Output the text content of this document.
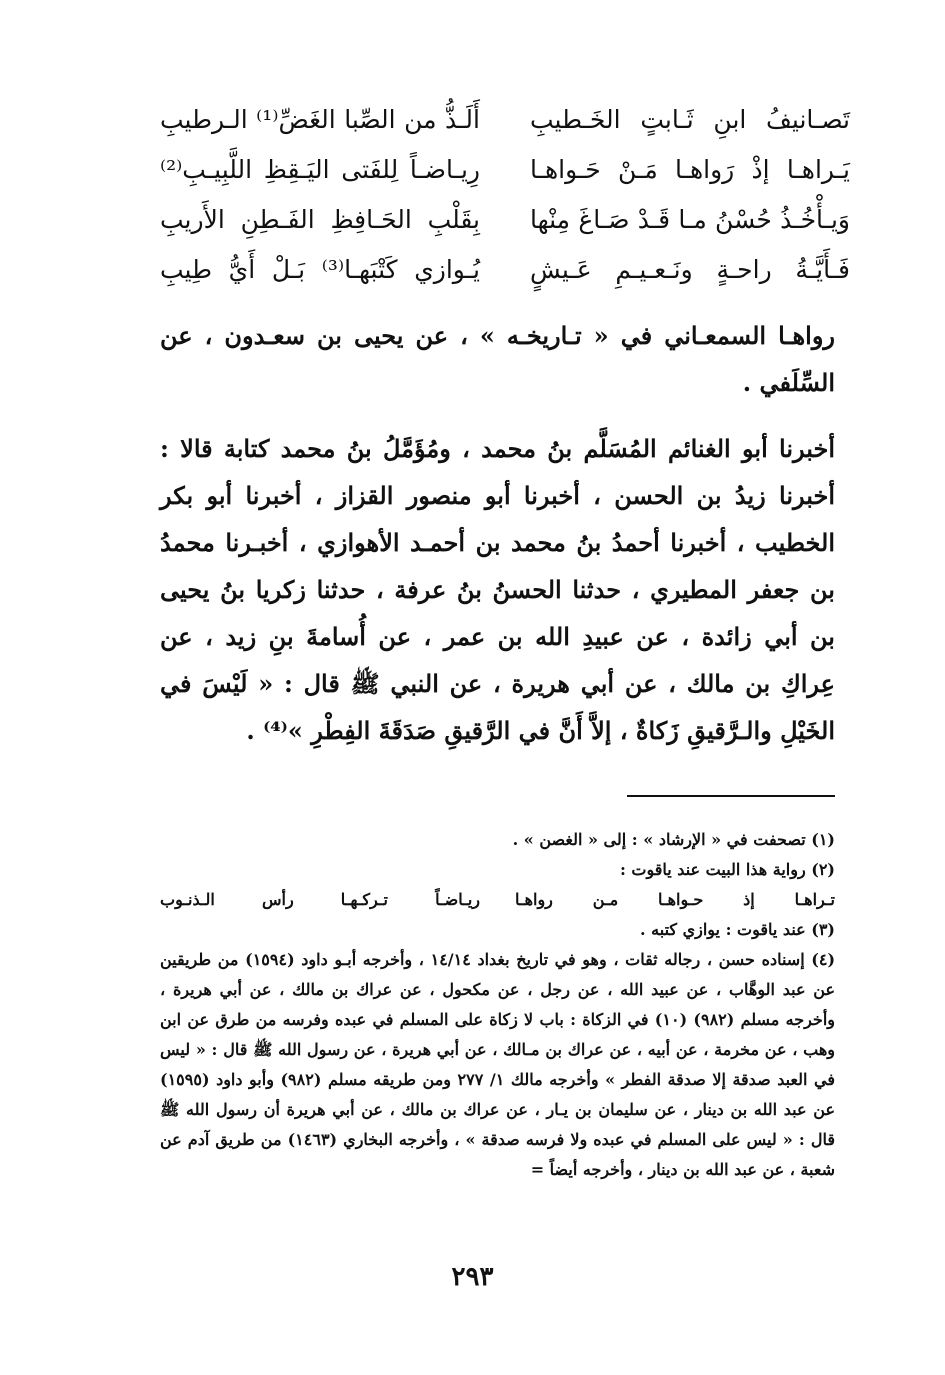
تَصـانيفُ ابنِ ثَـابتٍ الخَـطيبِ
أَلَـذُّ من الصِّبا الغَضِّ⁽¹⁾ الـرطيبِ
يَـراهـا إذْ رَواهـا مَـنْ حَـواهـا
رِيـاضـاً لِلفَتى اليَـقِظِ اللَّبِيـبِ⁽²⁾
وَيـأْخُـذُ حُسْنُ مـا قَـدْ صَـاغَ مِنْها
بِقَلْبِ الحَـافِظِ الفَـطِنِ الأَريبِ
فَـأَيَّـةُ راحـةٍ ونَـعـيـمِ عَـيشٍ
يُـوازي كَتْبَهـا⁽³⁾ بَـلْ أَيُّ طِيبِ
رواهـا السمعـاني في « تـاريخـه » ، عن يحيى بن سعـدون ، عن السِّلَفي .
أخبرنا أبو الغنائم المُسَلَّم بنُ محمد ، ومُؤَمَّلُ بنُ محمد كتابة قالا : أخبرنا زيدُ بن الحسن ، أخبرنا أبو منصور القزاز ، أخبرنا أبو بكر الخطيب ، أخبرنا أحمدُ بنُ محمد بن أحمـد الأهوازي ، أخبـرنا محمدُ بن جعفر المطيري ، حدثنا الحسنُ بنُ عرفة ، حدثنا زكريا بنُ يحيى بن أبي زائدة ، عن عبيدِ الله بن عمر ، عن أُسامةَ بنِ زيد ، عن عِراكِ بن مالك ، عن أبي هريرة ، عن النبي ﷺ قال : « لَيْسَ في الخَيْلِ والـرَّقيقِ زَكاةٌ ، إلاَّ أَنَّ في الرَّقيقِ صَدَقَةَ الفِطْرِ »⁽⁴⁾ .
(١) تصحفت في « الإرشاد » : إلى « الغصن » .
(٢) رواية هذا البيت عند ياقوت :
تـراهـا إذ حـواهـا مـن رواهـا
ريـاضـاً تـركـهـا رأس الـذنـوب
(٣) عند ياقوت : يوازي كتبه .
(٤) إسناده حسن ، رجاله ثقات ، وهو في تاريخ بغداد ١٤/١٤ ، وأخرجه أبـو داود (١٥٩٤) من طريقين عن عبد الوهَّاب ، عن عبيد الله ، عن رجل ، عن مكحول ، عن عراك بن مالك ، عن أبي هريرة ، وأخرجه مسلم (٩٨٢) (١٠) في الزكاة : باب لا زكاة على المسلم في عبده وفرسه من طرق عن ابن وهب ، عن مخرمة ، عن أبيه ، عن عراك بن مـالك ، عن أبي هريرة ، عن رسول الله ﷺ قال : « ليس في العبد صدقة إلا صدقة الفطر » وأخرجه مالك ١/ ٢٧٧ ومن طريقه مسلم (٩٨٢) وأبو داود (١٥٩٥) عن عبد الله بن دينار ، عن سليمان بن يـار ، عن عراك بن مالك ، عن أبي هريرة أن رسول الله ﷺ قال : « ليس على المسلم في عبده ولا فرسه صدقة » ، وأخرجه البخاري (١٤٦٣) من طريق آدم عن شعبة ، عن عبد الله بن دينار ، وأخرجه أيضاً =
٢٩٣
